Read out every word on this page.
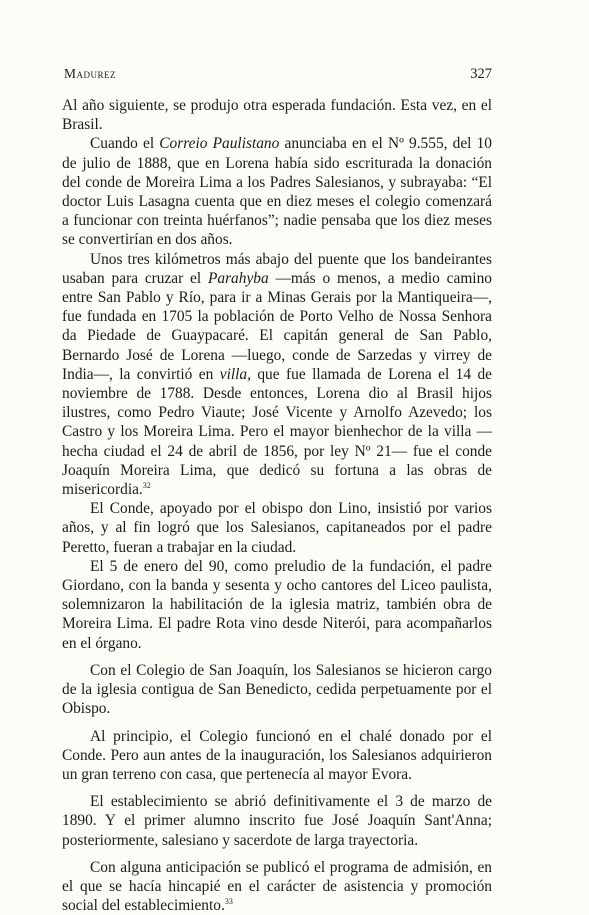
Madurez	327

Al año siguiente, se produjo otra esperada fundación. Esta vez, en el Brasil.

Cuando el Correio Paulistano anunciaba en el Nº 9.555, del 10 de julio de 1888, que en Lorena había sido escriturada la donación del conde de Moreira Lima a los Padres Salesianos, y subrayaba: “El doctor Luis Lasagna cuenta que en diez meses el colegio comenzará a funcionar con treinta huérfanos”; nadie pensaba que los diez meses se convertirían en dos años.

Unos tres kilómetros más abajo del puente que los bandeirantes usaban para cruzar el Parahyba —más o menos, a medio camino entre San Pablo y Río, para ir a Minas Gerais por la Mantiqueira—, fue fundada en 1705 la población de Porto Velho de Nossa Senhora da Piedade de Guaypacaré. El capitán general de San Pablo, Bernardo José de Lorena —luego, conde de Sarzedas y virrey de India—, la convirtió en villa, que fue llamada de Lorena el 14 de noviembre de 1788. Desde entonces, Lorena dio al Brasil hijos ilustres, como Pedro Viaute; José Vicente y Arnolfo Azevedo; los Castro y los Moreira Lima. Pero el mayor bienhechor de la villa —hecha ciudad el 24 de abril de 1856, por ley Nº 21— fue el conde Joaquín Moreira Lima, que dedicó su fortuna a las obras de misericordia.$^{32}$

El Conde, apoyado por el obispo don Lino, insistió por varios años, y al fin logró que los Salesianos, capitaneados por el padre Peretto, fueran a trabajar en la ciudad.

El 5 de enero del 90, como preludio de la fundación, el padre Giordano, con la banda y sesenta y ocho cantores del Liceo paulista, solemnizaron la habilitación de la iglesia matriz, también obra de Moreira Lima. El padre Rota vino desde Niterói, para acompañarlos en el órgano.

Con el Colegio de San Joaquín, los Salesianos se hicieron cargo de la iglesia contigua de San Benedicto, cedida perpetuamente por el Obispo.

Al principio, el Colegio funcionó en el chalé donado por el Conde. Pero aun antes de la inauguración, los Salesianos adquirieron un gran terreno con casa, que pertenecía al mayor Evora.

El establecimiento se abrió definitivamente el 3 de marzo de 1890. Y el primer alumno inscrito fue José Joaquín Sant'Anna; posteriormente, salesiano y sacerdote de larga trayectoria.

Con alguna anticipación se publicó el programa de admisión, en el que se hacía hincapié en el carácter de asistencia y promoción social del establecimiento.$^{33}$
